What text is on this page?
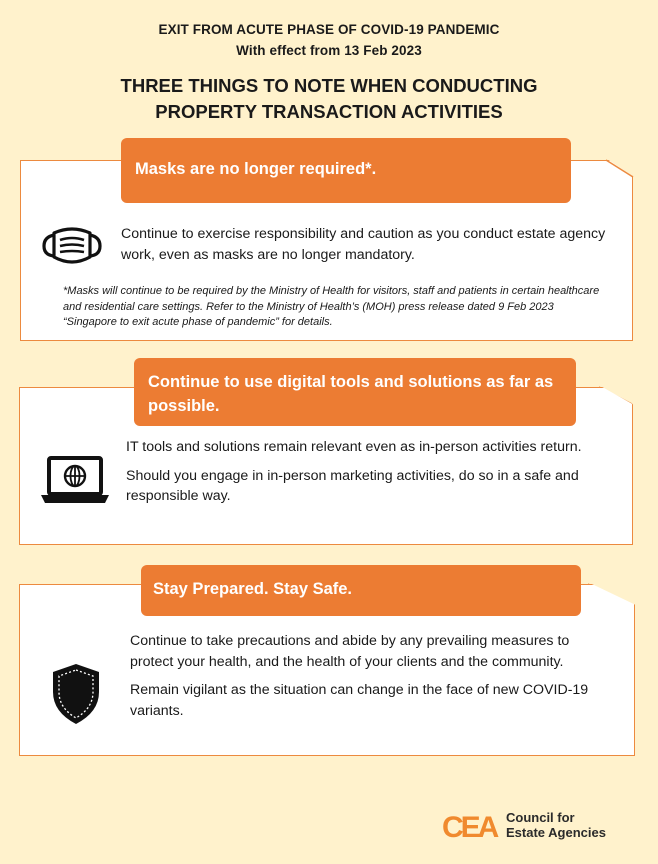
EXIT FROM ACUTE PHASE OF COVID-19 PANDEMIC
With effect from 13 Feb 2023
THREE THINGS TO NOTE WHEN CONDUCTING
PROPERTY TRANSACTION ACTIVITIES
Masks are no longer required*.

Continue to exercise responsibility and caution as you conduct estate agency work, even as masks are no longer mandatory.

*Masks will continue to be required by the Ministry of Health for visitors, staff and patients in certain healthcare and residential care settings. Refer to the Ministry of Health’s (MOH) press release dated 9 Feb 2023 “Singapore to exit acute phase of pandemic” for details.
Continue to use digital tools and solutions as far as possible.

IT tools and solutions remain relevant even as in-person activities return.

Should you engage in in-person marketing activities, do so in a safe and responsible way.

Stay Prepared. Stay Safe.

Continue to take precautions and abide by any prevailing measures to protect your health, and the health of your clients and the community.

Remain vigilant as the situation can change in the face of new COVID-19 variants.

CEA Council for
Estate Agencies
